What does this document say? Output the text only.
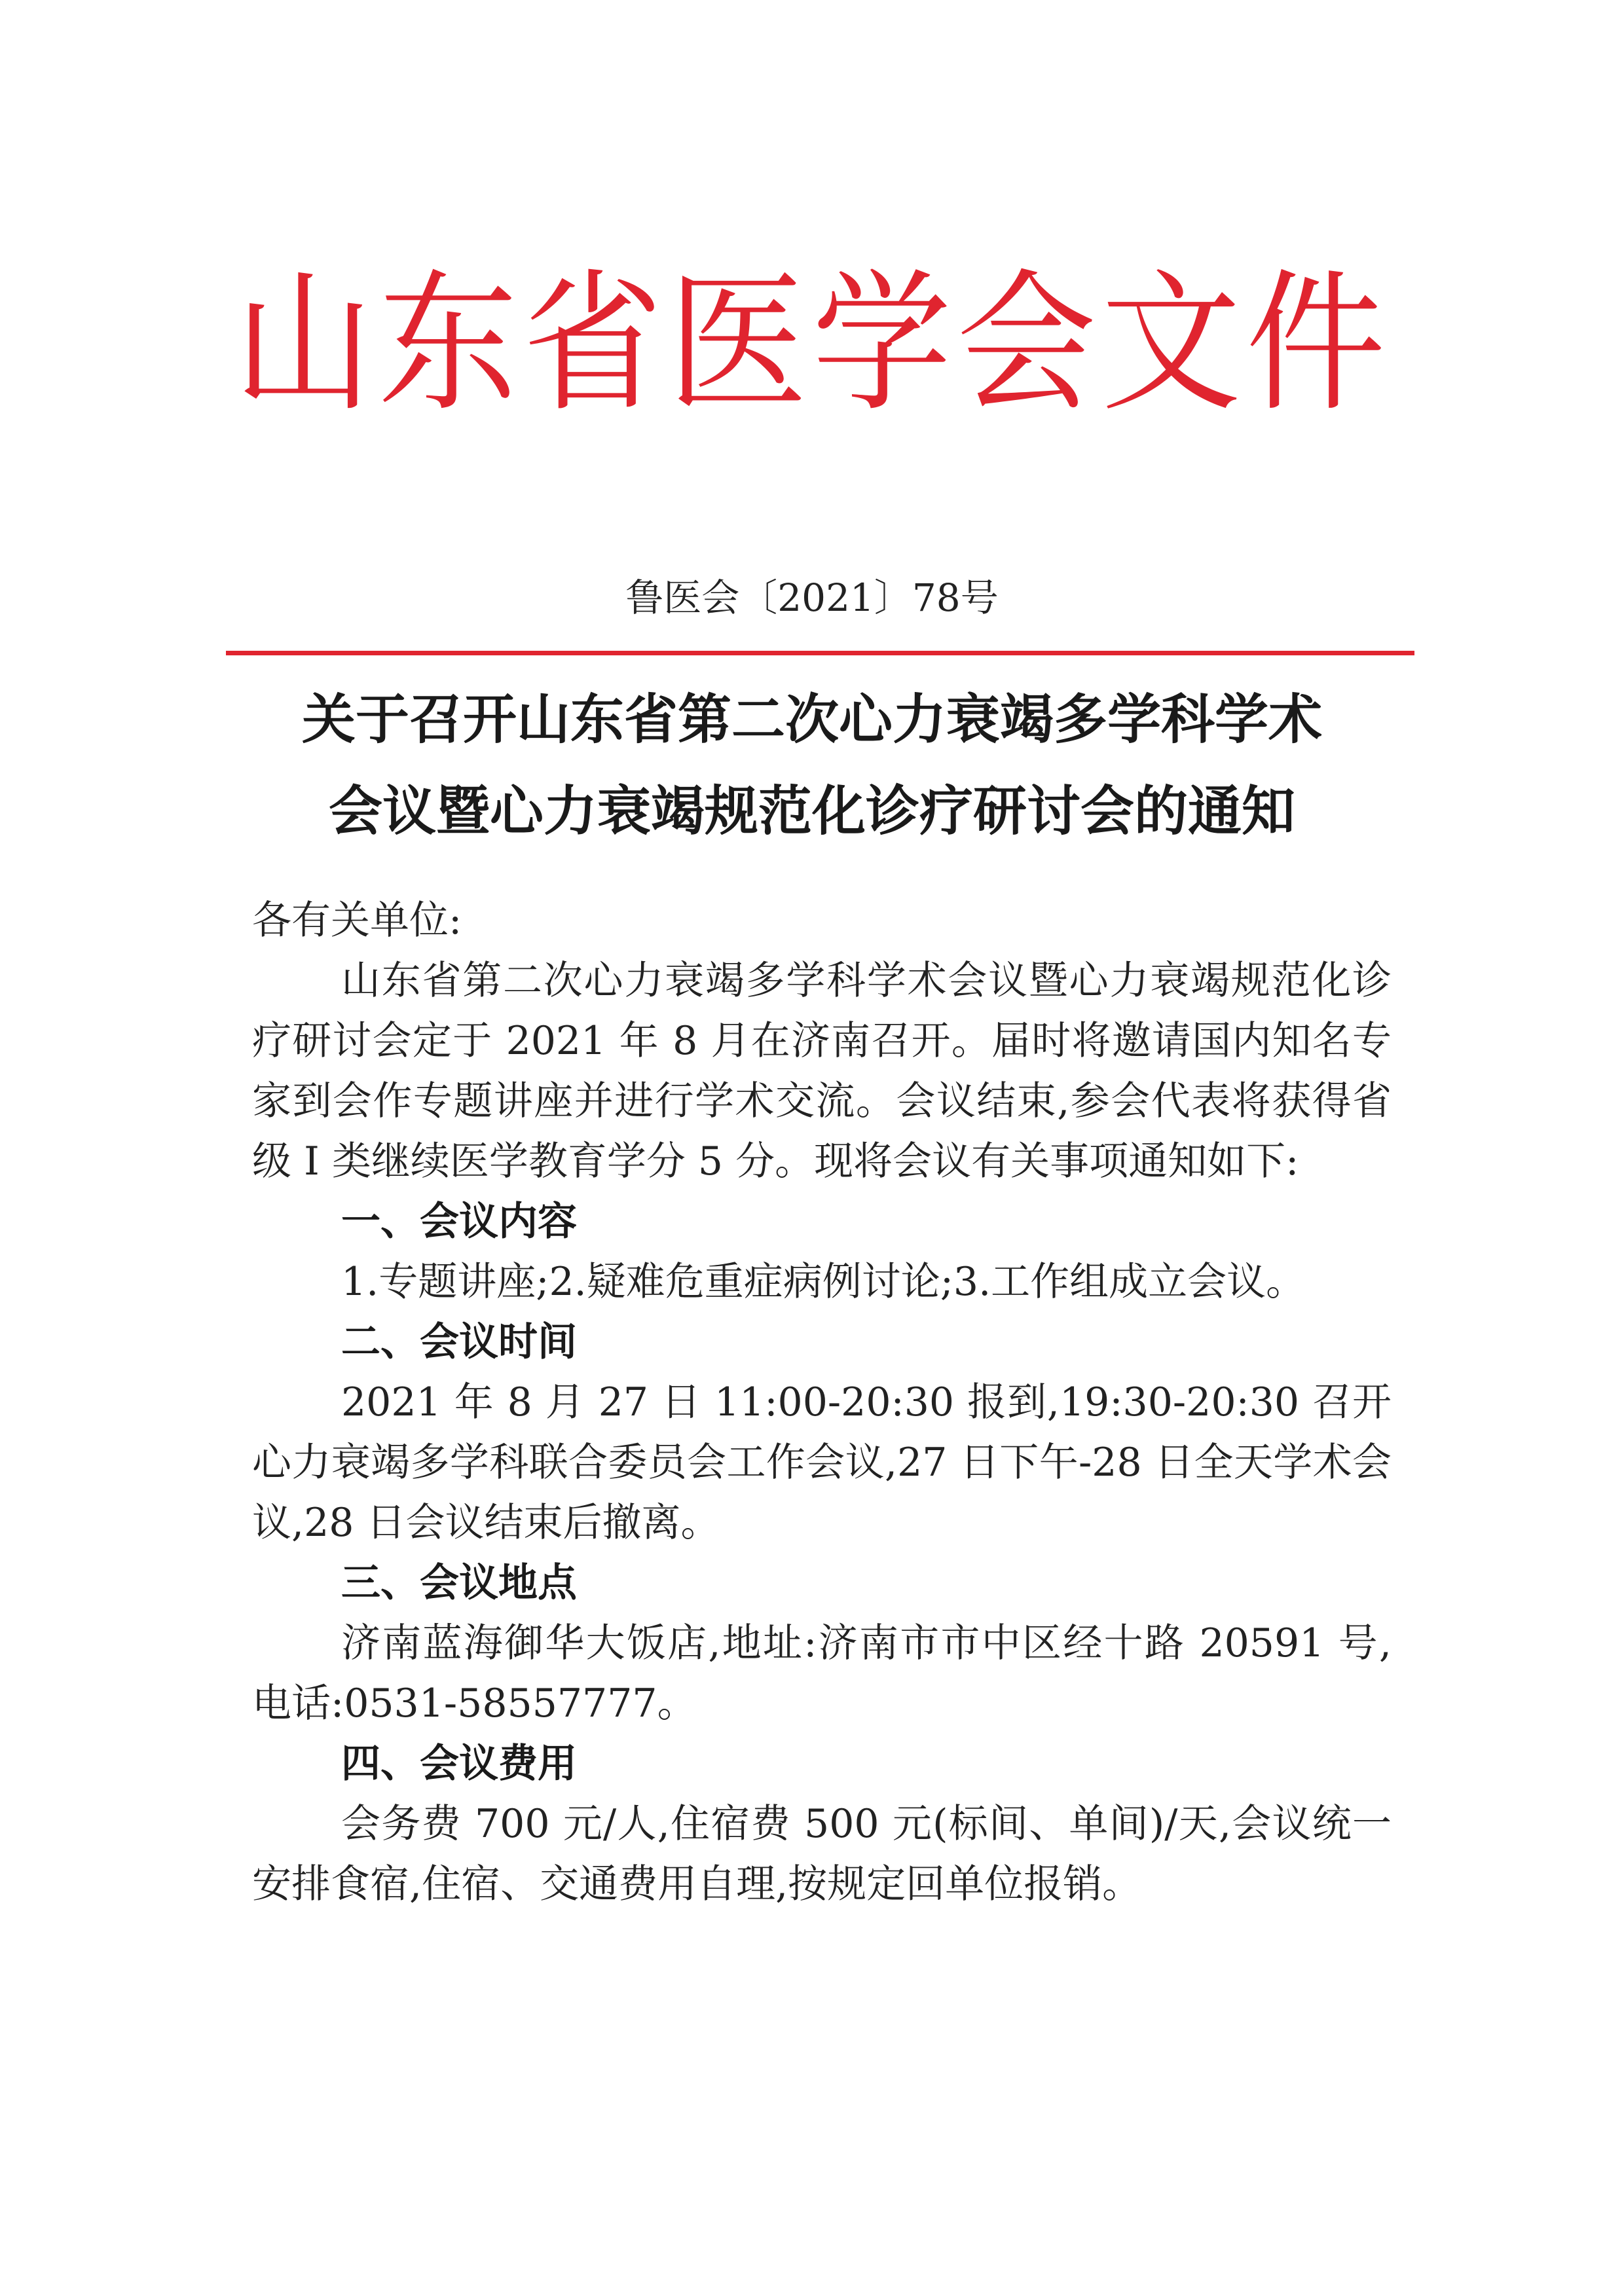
山东省医学会文件
鲁医会〔2021〕78号
关于召开山东省第二次心力衰竭多学科学术
会议暨心力衰竭规范化诊疗研讨会的通知

各有关单位:

山东省第二次心力衰竭多学科学术会议暨心力衰竭规范化诊疗研讨会定于 2021 年 8 月在济南召开。届时将邀请国内知名专家到会作专题讲座并进行学术交流。会议结束,参会代表将获得省级 I 类继续医学教育学分 5 分。现将会议有关事项通知如下:

一、会议内容

1.专题讲座;2.疑难危重症病例讨论;3.工作组成立会议。

二、会议时间

2021 年 8 月 27 日 11:00-20:30 报到,19:30-20:30 召开心力衰竭多学科联合委员会工作会议,27 日下午-28 日全天学术会议,28 日会议结束后撤离。

三、会议地点

济南蓝海御华大饭店,地址:济南市市中区经十路 20591 号,电话:0531-58557777。

四、会议费用

会务费 700 元/人,住宿费 500 元(标间、单间)/天,会议统一安排食宿,住宿、交通费用自理,按规定回单位报销。
